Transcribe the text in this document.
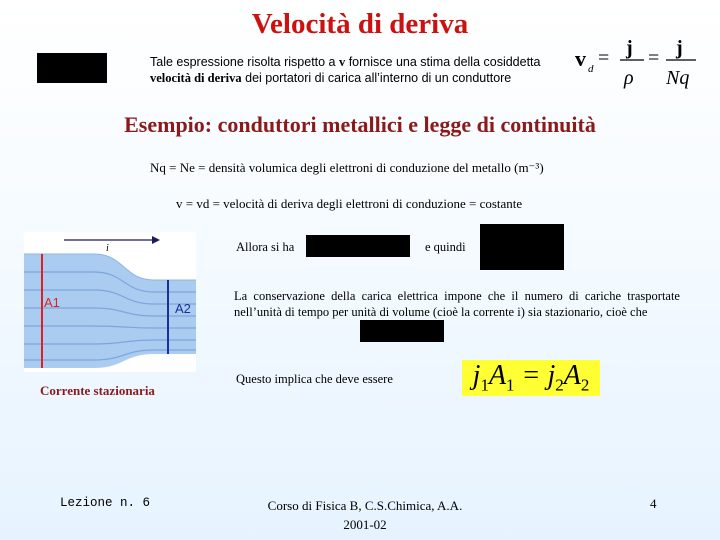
Velocità di deriva
Tale espressione risolta rispetto a v fornisce una stima della cosiddetta
velocità di deriva dei portatori di carica all’interno di un conduttore
v d = j
ρ
= j
Nq
Esempio: conduttori metallici e legge di continuità
Nq = Ne = densità volumica degli elettroni di conduzione del metallo (m⁻³)
v = vd = velocità di deriva degli elettroni di conduzione = costante
i
A1	A2
Corrente stazionaria
Allora si ha	e quindi
La conservazione della carica elettrica impone che il numero di cariche trasportate nell’unità di tempo per unità di volume (cioè la corrente i) sia stazionario, cioè che
Questo implica che deve essere	$j_1A_1 = j_2A_2$
Lezione n. 6	Corso di Fisica B, C.S.Chimica, A.A.
2001-02
4
